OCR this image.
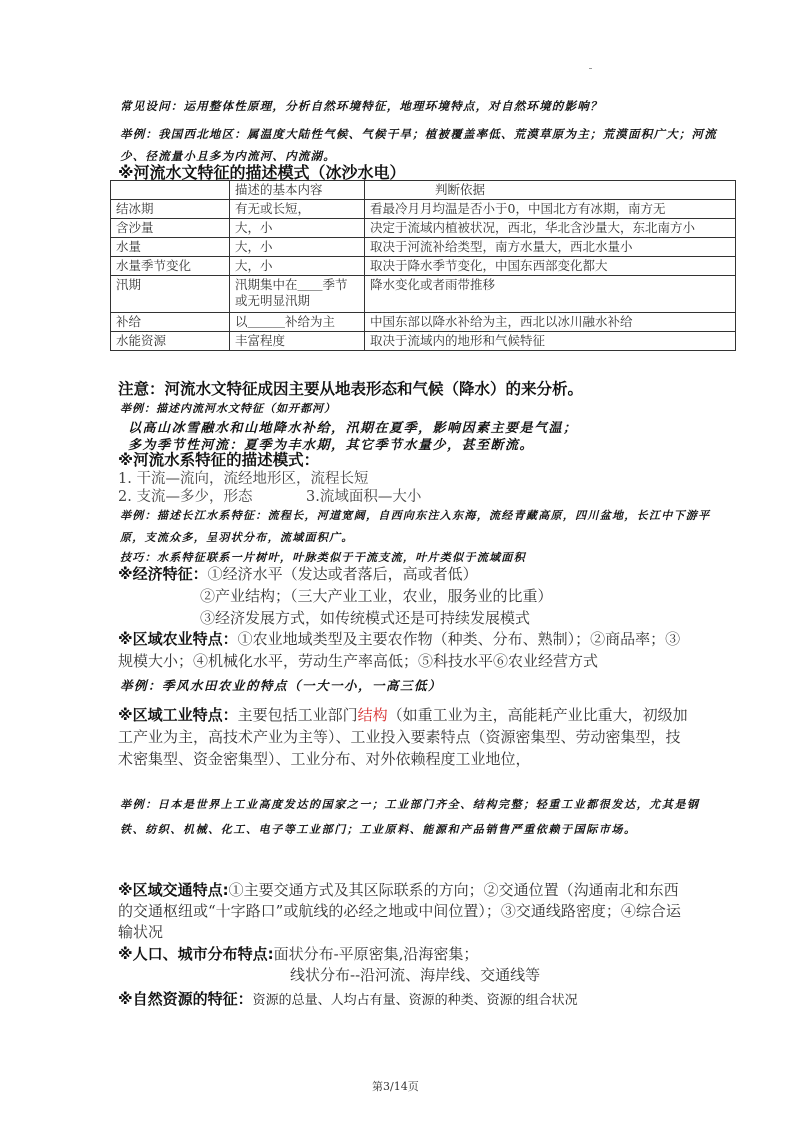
常见设问：运用整体性原理，分析自然环境特征，地理环境特点，对自然环境的影响？
举例：我国西北地区：属温度大陆性气候、气候干旱；植被覆盖率低、荒漠草原为主；荒漠面积广大；河流少、径流量小且多为内流河、内流湖。
※河流水文特征的描述模式（冰沙水电）
	描述的基本内容	判断依据
结冰期	有无或长短，	看最冷月月均温是否小于0，中国北方有冰期，南方无
含沙量	大，小	决定于流域内植被状况，西北，华北含沙量大，东北南方小
水量	大，小	取决于河流补给类型，南方水量大，西北水量小
水量季节变化	大，小	取决于降水季节变化，中国东西部变化都大
汛期	汛期集中在＿＿季节或无明显汛期	降水变化或者雨带推移
补给	以＿＿＿补给为主	中国东部以降水补给为主，西北以冰川融水补给
水能资源	丰富程度	取决于流域内的地形和气候特征
注意：河流水文特征成因主要从地表形态和气候（降水）的来分析。
举例：描述内流河水文特征（如开都河）
以高山冰雪融水和山地降水补给，汛期在夏季，影响因素主要是气温；
多为季节性河流：夏季为丰水期，其它季节水量少，甚至断流。
※河流水系特征的描述模式：
1. 干流—流向，流经地形区，流程长短
2. 支流—多少，形态	3.流域面积—大小
举例：描述长江水系特征：流程长，河道宽阔，自西向东注入东海，流经青藏高原，四川盆地，长江中下游平原，支流众多，呈羽状分布，流域面积广。
技巧：水系特征联系一片树叶，叶脉类似于干流支流，叶片类似于流域面积
※经济特征：①经济水平（发达或者落后，高或者低）
②产业结构；（三大产业工业，农业，服务业的比重）
③经济发展方式，如传统模式还是可持续发展模式
※区域农业特点：①农业地域类型及主要农作物（种类、分布、熟制）；②商品率；③规模大小；④机械化水平，劳动生产率高低；⑤科技水平⑥农业经营方式
举例：季风水田农业的特点（一大一小，一高三低）
※区域工业特点：主要包括工业部门结构（如重工业为主，高能耗产业比重大，初级加工产业为主，高技术产业为主等）、工业投入要素特点（资源密集型、劳动密集型，技术密集型、资金密集型）、工业分布、对外依赖程度工业地位，
举例：日本是世界上工业高度发达的国家之一；工业部门齐全、结构完整；轻重工业都很发达，尤其是钢铁、纺织、机械、化工、电子等工业部门；工业原料、能源和产品销售严重依赖于国际市场。
※区域交通特点:①主要交通方式及其区际联系的方向；②交通位置（沟通南北和东西的交通枢纽或“十字路口”或航线的必经之地或中间位置）；③交通线路密度；④综合运输状况
※人口、城市分布特点:面状分布-平原密集,沿海密集；
线状分布--沿河流、海岸线、交通线等
※自然资源的特征：资源的总量、人均占有量、资源的种类、资源的组合状况
第3/14页
